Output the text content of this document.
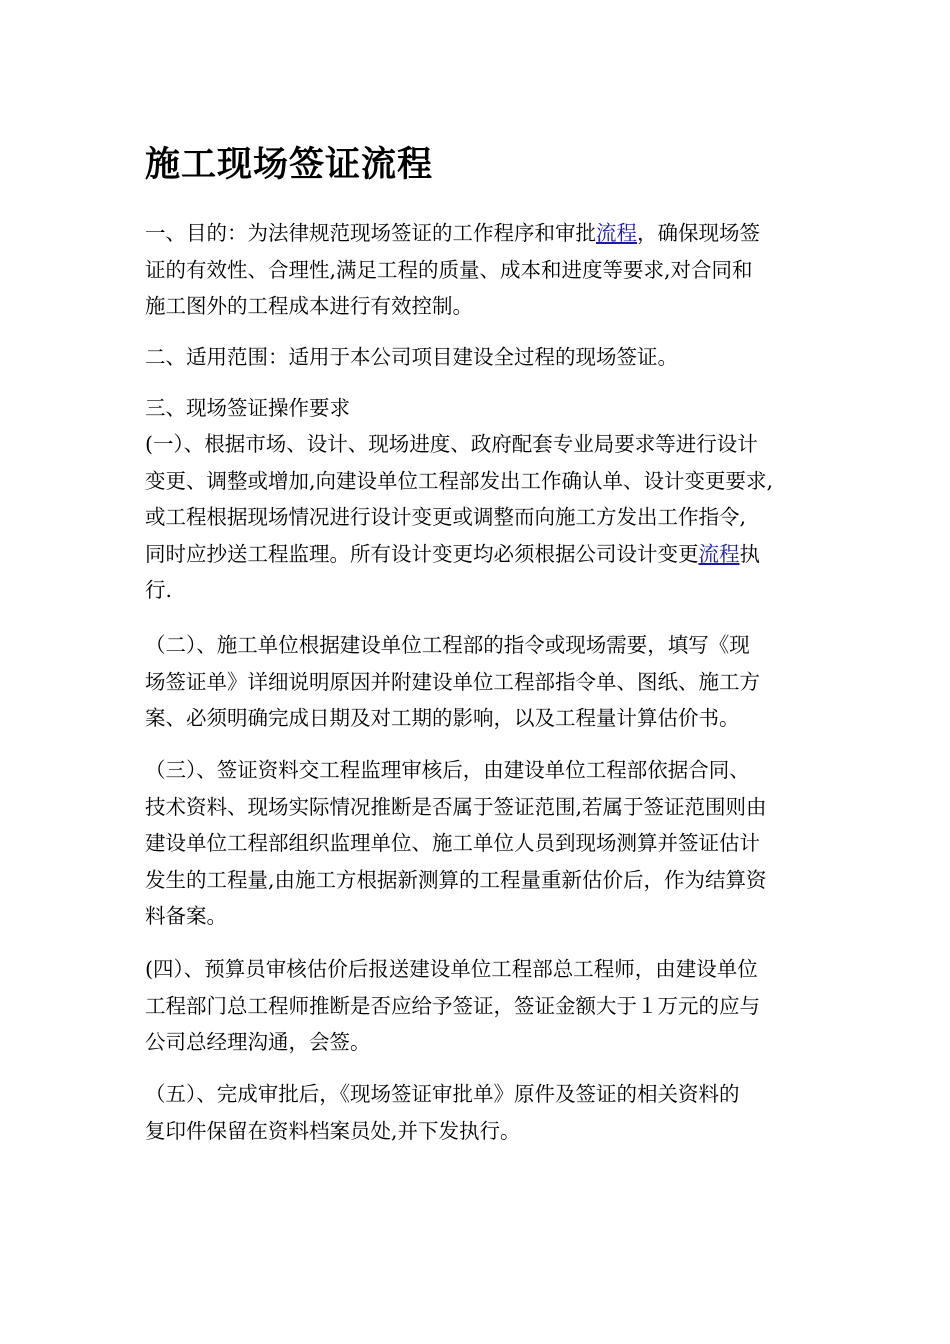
施工现场签证流程

一、目的：为法律规范现场签证的工作程序和审批流程，确保现场签
证的有效性、合理性,满足工程的质量、成本和进度等要求,对合同和
施工图外的工程成本进行有效控制。

二、适用范围：适用于本公司项目建设全过程的现场签证。

三、现场签证操作要求

(一）、根据市场、设计、现场进度、政府配套专业局要求等进行设计
变更、调整或增加,向建设单位工程部发出工作确认单、设计变更要求,
或工程根据现场情况进行设计变更或调整而向施工方发出工作指令,
同时应抄送工程监理。所有设计变更均必须根据公司设计变更流程执
行.

（二）、施工单位根据建设单位工程部的指令或现场需要，填写《现
场签证单》详细说明原因并附建设单位工程部指令单、图纸、施工方
案、必须明确完成日期及对工期的影响，以及工程量计算估价书。

（三）、签证资料交工程监理审核后，由建设单位工程部依据合同、
技术资料、现场实际情况推断是否属于签证范围,若属于签证范围则由
建设单位工程部组织监理单位、施工单位人员到现场测算并签证估计
发生的工程量,由施工方根据新测算的工程量重新估价后，作为结算资
料备案。

(四）、预算员审核估价后报送建设单位工程部总工程师，由建设单位
工程部门总工程师推断是否应给予签证，签证金额大于１万元的应与
公司总经理沟通，会签。

（五）、完成审批后，《现场签证审批单》原件及签证的相关资料的
复印件保留在资料档案员处,并下发执行。
